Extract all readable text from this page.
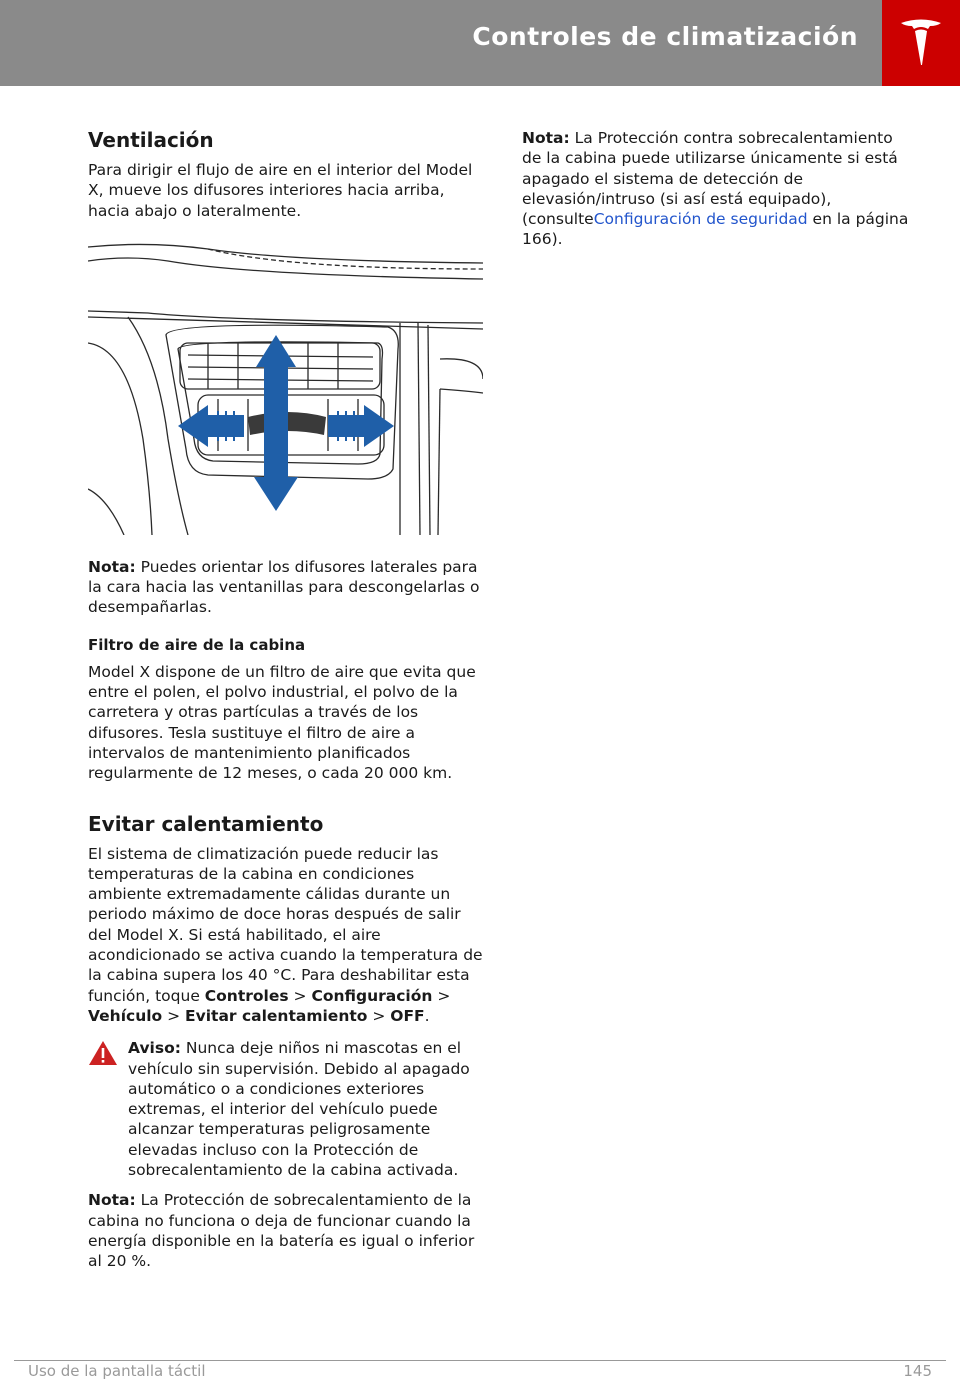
Controles de climatización
Ventilación

Para dirigir el flujo de aire en el interior del Model X, mueve los difusores interiores hacia arriba, hacia abajo o lateralmente.

Nota: Puedes orientar los difusores laterales para la cara hacia las ventanillas para descongelarlas o desempañarlas.

Filtro de aire de la cabina

Model X dispone de un filtro de aire que evita que entre el polen, el polvo industrial, el polvo de la carretera y otras partículas a través de los difusores. Tesla sustituye el filtro de aire a intervalos de mantenimiento planificados regularmente de 12 meses, o cada 20 000 km.

Evitar calentamiento

El sistema de climatización puede reducir las temperaturas de la cabina en condiciones ambiente extremadamente cálidas durante un periodo máximo de doce horas después de salir del Model X. Si está habilitado, el aire acondicionado se activa cuando la temperatura de la cabina supera los 40 °C. Para deshabilitar esta función, toque Controles > Configuración > Vehículo > Evitar calentamiento > OFF.

Aviso: Nunca deje niños ni mascotas en el vehículo sin supervisión. Debido al apagado automático o a condiciones exteriores extremas, el interior del vehículo puede alcanzar temperaturas peligrosamente elevadas incluso con la Protección de sobrecalentamiento de la cabina activada.

Nota: La Protección de sobrecalentamiento de la cabina no funciona o deja de funcionar cuando la energía disponible en la batería es igual o inferior al 20 %.

Nota: La Protección contra sobrecalentamiento de la cabina puede utilizarse únicamente si está apagado el sistema de detección de elevasión/intruso (si así está equipado), (consulteConfiguración de seguridad en la página 166).

Uso de la pantalla táctil	145
